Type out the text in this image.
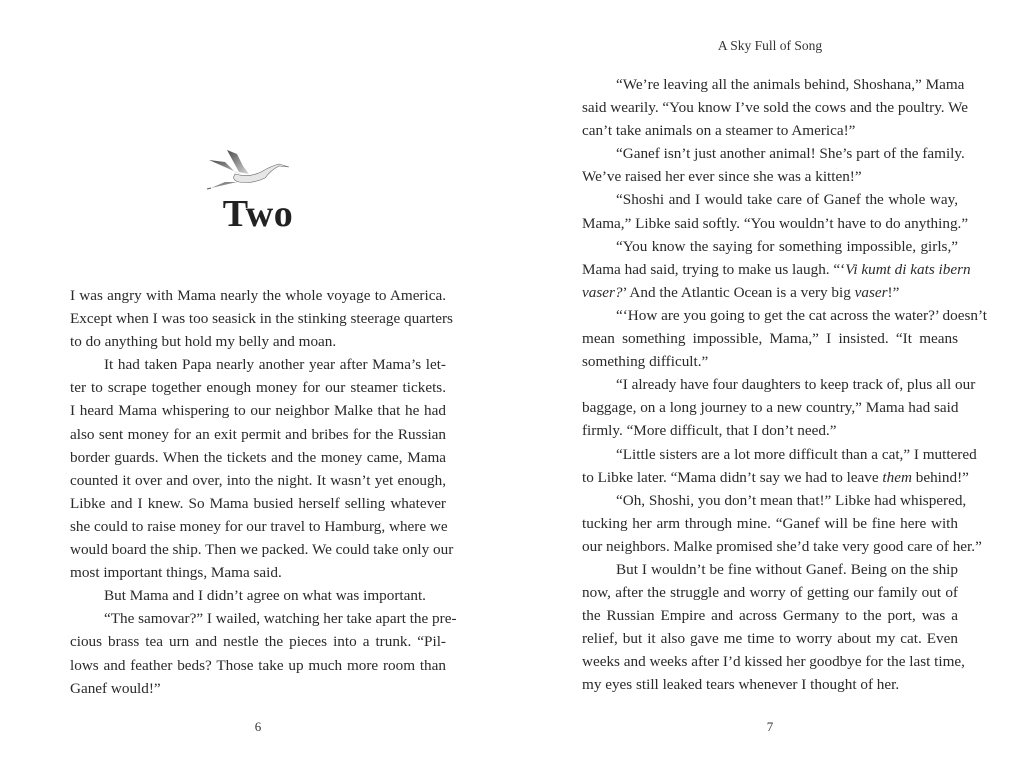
Two
I was angry with Mama nearly the whole voyage to America.
Except when I was too seasick in the stinking steerage quarters
to do anything but hold my belly and moan.
It had taken Papa nearly another year after Mama’s let-
ter to scrape together enough money for our steamer tickets.
I heard Mama whispering to our neighbor Malke that he had
also sent money for an exit permit and bribes for the Russian
border guards. When the tickets and the money came, Mama
counted it over and over, into the night. It wasn’t yet enough,
Libke and I knew. So Mama busied herself selling whatever
she could to raise money for our travel to Hamburg, where we
would board the ship. Then we packed. We could take only our
most important things, Mama said.
But Mama and I didn’t agree on what was important.
“The samovar?” I wailed, watching her take apart the pre-
cious brass tea urn and nestle the pieces into a trunk. “Pil-
lows and feather beds? Those take up much more room than
Ganef would!”
6
A Sky Full of Song
“We’re leaving all the animals behind, Shoshana,” Mama
said wearily. “You know I’ve sold the cows and the poultry. We
can’t take animals on a steamer to America!”
“Ganef isn’t just another animal! She’s part of the family.
We’ve raised her ever since she was a kitten!”
“Shoshi and I would take care of Ganef the whole way,
Mama,” Libke said softly. “You wouldn’t have to do anything.”
“You know the saying for something impossible, girls,”
Mama had said, trying to make us laugh. “‘Vi kumt di kats ibern
vaser?’ And the Atlantic Ocean is a very big vaser!”
“‘How are you going to get the cat across the water?’ doesn’t
mean something impossible, Mama,” I insisted. “It means
something difficult.”
“I already have four daughters to keep track of, plus all our
baggage, on a long journey to a new country,” Mama had said
firmly. “More difficult, that I don’t need.”
“Little sisters are a lot more difficult than a cat,” I muttered
to Libke later. “Mama didn’t say we had to leave them behind!”
“Oh, Shoshi, you don’t mean that!” Libke had whispered,
tucking her arm through mine. “Ganef will be fine here with
our neighbors. Malke promised she’d take very good care of her.”
But I wouldn’t be fine without Ganef. Being on the ship
now, after the struggle and worry of getting our family out of
the Russian Empire and across Germany to the port, was a
relief, but it also gave me time to worry about my cat. Even
weeks and weeks after I’d kissed her goodbye for the last time,
my eyes still leaked tears whenever I thought of her.
7
